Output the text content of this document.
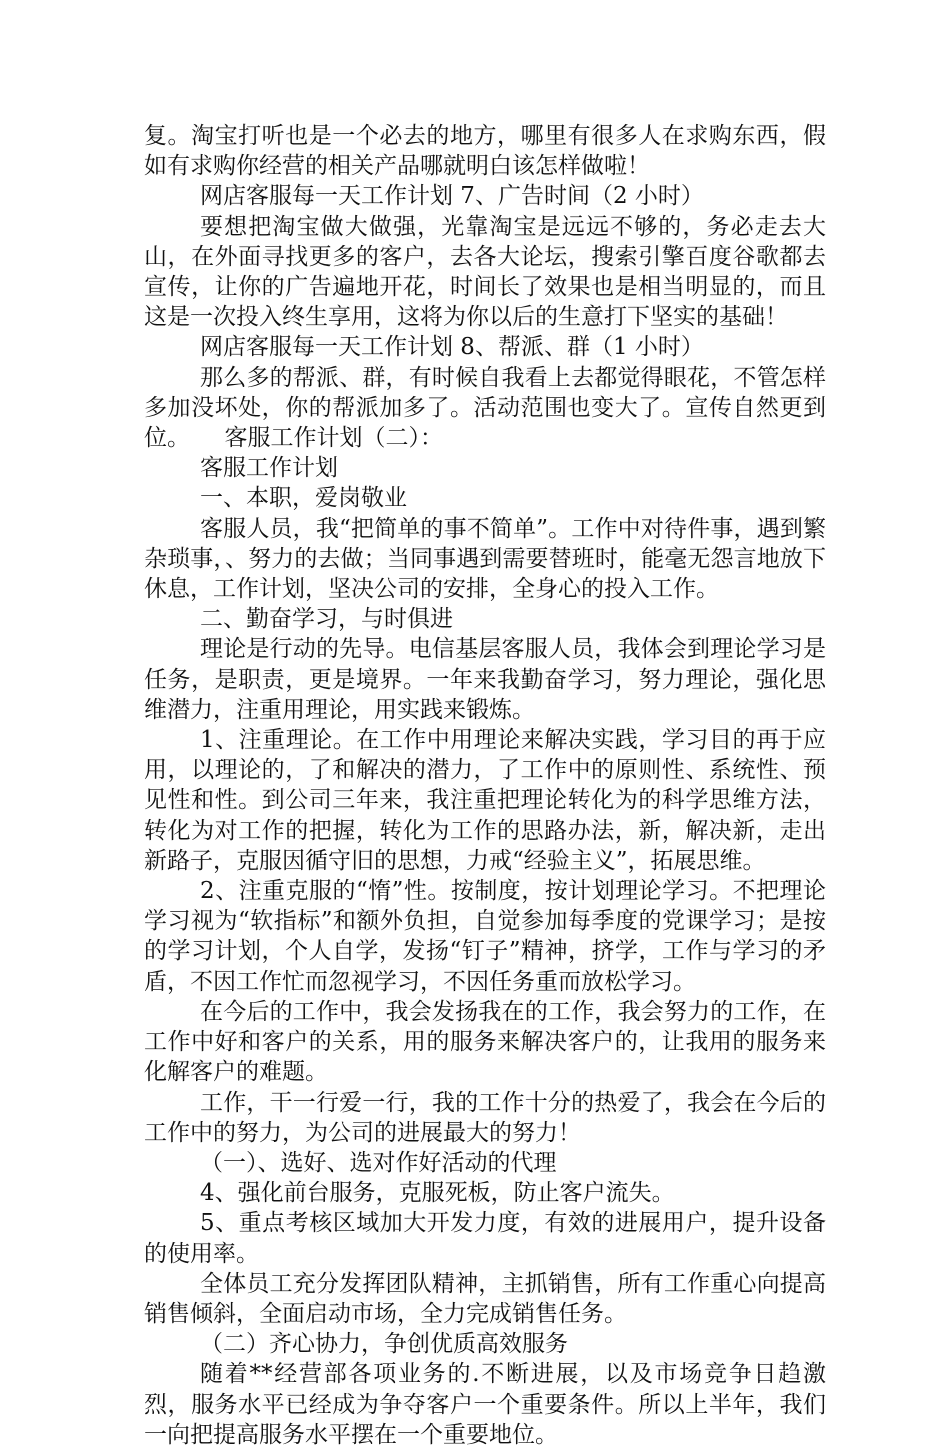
复。淘宝打听也是一个必去的地方，哪里有很多人在求购东西，假如有求购你经营的相关产品哪就明白该怎样做啦！

网店客服每一天工作计划 7、广告时间（2 小时）

要想把淘宝做大做强，光靠淘宝是远远不够的，务必走去大山，在外面寻找更多的客户，去各大论坛，搜索引擎百度谷歌都去宣传，让你的广告遍地开花，时间长了效果也是相当明显的，而且这是一次投入终生享用，这将为你以后的生意打下坚实的基础！

网店客服每一天工作计划 8、帮派、群（1 小时）

那么多的帮派、群，有时候自我看上去都觉得眼花，不管怎样多加没坏处，你的帮派加多了。活动范围也变大了。宣传自然更到位。　　客服工作计划（二）：

客服工作计划

一、本职，爱岗敬业

客服人员，我“把简单的事不简单”。工作中对待件事，遇到繁杂琐事，、努力的去做；当同事遇到需要替班时，能毫无怨言地放下休息，工作计划，坚决公司的安排，全身心的投入工作。

二、勤奋学习，与时俱进

理论是行动的先导。电信基层客服人员，我体会到理论学习是任务，是职责，更是境界。一年来我勤奋学习，努力理论，强化思维潜力，注重用理论，用实践来锻炼。

1、注重理论。在工作中用理论来解决实践，学习目的再于应用，以理论的，了和解决的潜力，了工作中的原则性、系统性、预见性和性。到公司三年来，我注重把理论转化为的科学思维方法，转化为对工作的把握，转化为工作的思路办法，新，解决新，走出新路子，克服因循守旧的思想，力戒“经验主义”，拓展思维。

2、注重克服的“惰”性。按制度，按计划理论学习。不把理论学习视为“软指标”和额外负担，自觉参加每季度的党课学习；是按的学习计划，个人自学，发扬“钉子”精神，挤学，工作与学习的矛盾，不因工作忙而忽视学习，不因任务重而放松学习。

在今后的工作中，我会发扬我在的工作，我会努力的工作，在工作中好和客户的关系，用的服务来解决客户的，让我用的服务来化解客户的难题。

工作，干一行爱一行，我的工作十分的热爱了，我会在今后的工作中的努力，为公司的进展最大的努力！

（一）、选好、选对作好活动的代理

4、强化前台服务，克服死板，防止客户流失。

5、重点考核区域加大开发力度，有效的进展用户，提升设备的使用率。

全体员工充分发挥团队精神，主抓销售，所有工作重心向提高销售倾斜，全面启动市场，全力完成销售任务。

（二）齐心协力，争创优质高效服务

随着**经营部各项业务的.不断进展，以及市场竞争日趋激烈，服务水平已经成为争夺客户一个重要条件。所以上半年，我们一向把提高服务水平摆在一个重要地位。
